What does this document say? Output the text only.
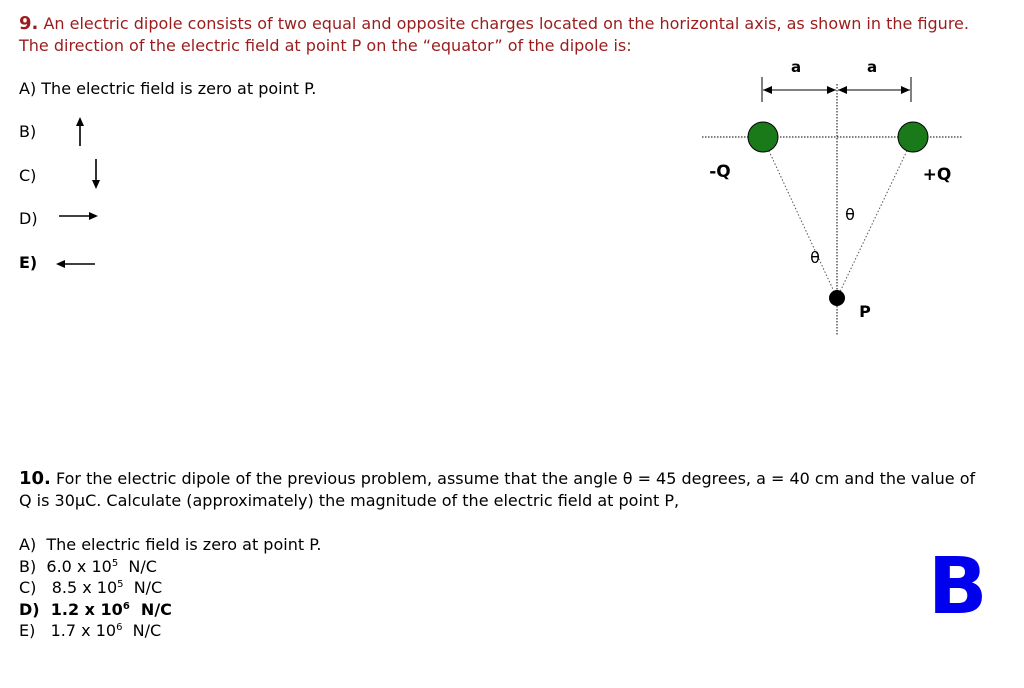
9. An electric dipole consists of two equal and opposite charges located on the horizontal axis, as shown in the figure.
The direction of the electric field at point P on the “equator” of the dipole is:
A) The electric field is zero at point P.
B)
C)
D)
E)
a	a
-Q	+Q
θ
θ
P
10. For the electric dipole of the previous problem, assume that the angle θ = 45 degrees, a = 40 cm and the value of
Q is 30μC. Calculate (approximately) the magnitude of the electric field at point P,
A) The electric field is zero at point P.
B) 6.0 x $10^5$ N/C
C) 8.5 x $10^5$ N/C
D) 1.2 x $10^6$ N/C
E) 1.7 x $10^6$ N/C	B
